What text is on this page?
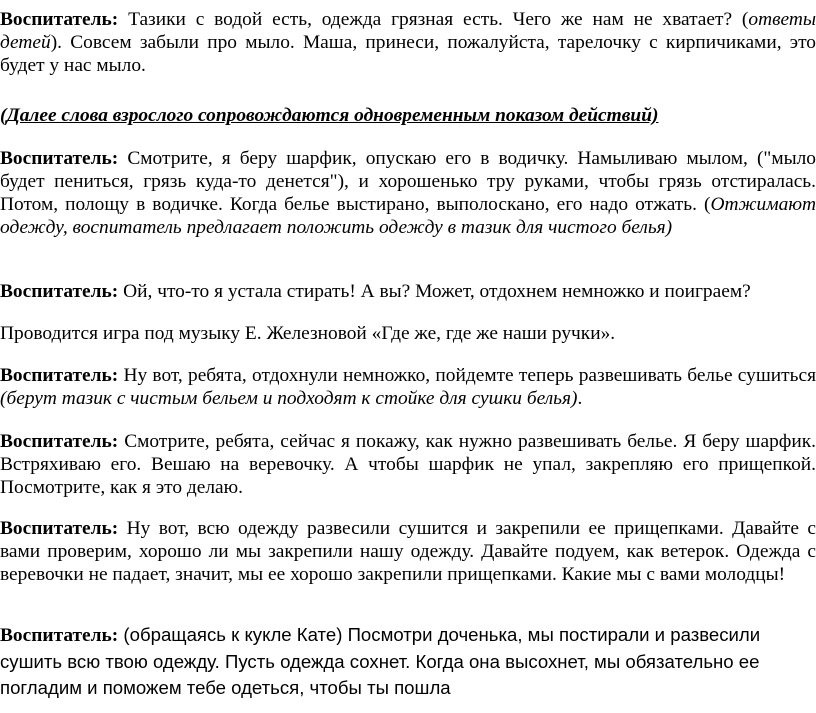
Воспитатель: Тазики с водой есть, одежда грязная есть. Чего же нам не хватает? (ответы детей). Совсем забыли про мыло. Маша, принеси, пожалуйста, тарелочку с кирпичиками, это будет у нас мыло.

(Далее слова взрослого сопровождаются одновременным показом действий)

Воспитатель: Смотрите, я беру шарфик, опускаю его в водичку. Намыливаю мылом, ("мыло будет пениться, грязь куда-то денется"), и хорошенько тру руками, чтобы грязь отстиралась. Потом, полощу в водичке. Когда белье выстирано, выполоскано, его надо отжать. (Отжимают одежду, воспитатель предлагает положить одежду в тазик для чистого белья)

Воспитатель: Ой, что-то я устала стирать! А вы? Может, отдохнем немножко и поиграем?

Проводится игра под музыку Е. Железновой «Где же, где же наши ручки».

Воспитатель: Ну вот, ребята, отдохнули немножко, пойдемте теперь развешивать белье сушиться (берут тазик с чистым бельем и подходят к стойке для сушки белья).

Воспитатель: Смотрите, ребята, сейчас я покажу, как нужно развешивать белье. Я беру шарфик. Встряхиваю его. Вешаю на веревочку. А чтобы шарфик не упал, закрепляю его прищепкой. Посмотрите, как я это делаю.

Воспитатель: Ну вот, всю одежду развесили сушится и закрепили ее прищепками. Давайте с вами проверим, хорошо ли мы закрепили нашу одежду. Давайте подуем, как ветерок. Одежда с веревочки не падает, значит, мы ее хорошо закрепили прищепками. Какие мы с вами молодцы!

Воспитатель: (обращаясь к кукле Кате) Посмотри доченька, мы постирали и развесили сушить всю твою одежду. Пусть одежда сохнет. Когда она высохнет, мы обязательно ее погладим и поможем тебе одеться, чтобы ты пошла
